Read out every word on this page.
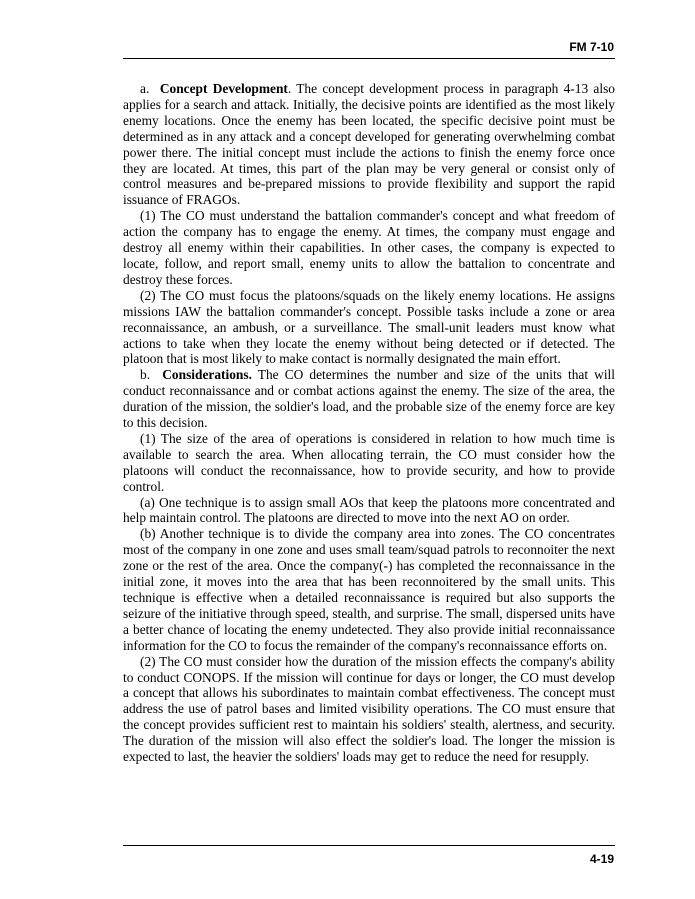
FM 7-10

a. Concept Development. The concept development process in paragraph 4-13 also applies for a search and attack. Initially, the decisive points are identified as the most likely enemy locations. Once the enemy has been located, the specific decisive point must be determined as in any attack and a concept developed for generating overwhelming combat power there. The initial concept must include the actions to finish the enemy force once they are located. At times, this part of the plan may be very general or consist only of control measures and be-prepared missions to provide flexibility and support the rapid issuance of FRAGOs.

(1) The CO must understand the battalion commander's concept and what freedom of action the company has to engage the enemy. At times, the company must engage and destroy all enemy within their capabilities. In other cases, the company is expected to locate, follow, and report small, enemy units to allow the battalion to concentrate and destroy these forces.

(2) The CO must focus the platoons/squads on the likely enemy locations. He assigns missions IAW the battalion commander's concept. Possible tasks include a zone or area reconnaissance, an ambush, or a surveillance. The small-unit leaders must know what actions to take when they locate the enemy without being detected or if detected. The platoon that is most likely to make contact is normally designated the main effort.

b. Considerations. The CO determines the number and size of the units that will conduct reconnaissance and or combat actions against the enemy. The size of the area, the duration of the mission, the soldier's load, and the probable size of the enemy force are key to this decision.

(1) The size of the area of operations is considered in relation to how much time is available to search the area. When allocating terrain, the CO must consider how the platoons will conduct the reconnaissance, how to provide security, and how to provide control.

(a) One technique is to assign small AOs that keep the platoons more concentrated and help maintain control. The platoons are directed to move into the next AO on order.

(b) Another technique is to divide the company area into zones. The CO concentrates most of the company in one zone and uses small team/squad patrols to reconnoiter the next zone or the rest of the area. Once the company(-) has completed the reconnaissance in the initial zone, it moves into the area that has been reconnoitered by the small units. This technique is effective when a detailed reconnaissance is required but also supports the seizure of the initiative through speed, stealth, and surprise. The small, dispersed units have a better chance of locating the enemy undetected. They also provide initial reconnaissance information for the CO to focus the remainder of the company's reconnaissance efforts on.

(2) The CO must consider how the duration of the mission effects the company's ability to conduct CONOPS. If the mission will continue for days or longer, the CO must develop a concept that allows his subordinates to maintain combat effectiveness. The concept must address the use of patrol bases and limited visibility operations. The CO must ensure that the concept provides sufficient rest to maintain his soldiers' stealth, alertness, and security. The duration of the mission will also effect the soldier's load. The longer the mission is expected to last, the heavier the soldiers' loads may get to reduce the need for resupply.

4-19
